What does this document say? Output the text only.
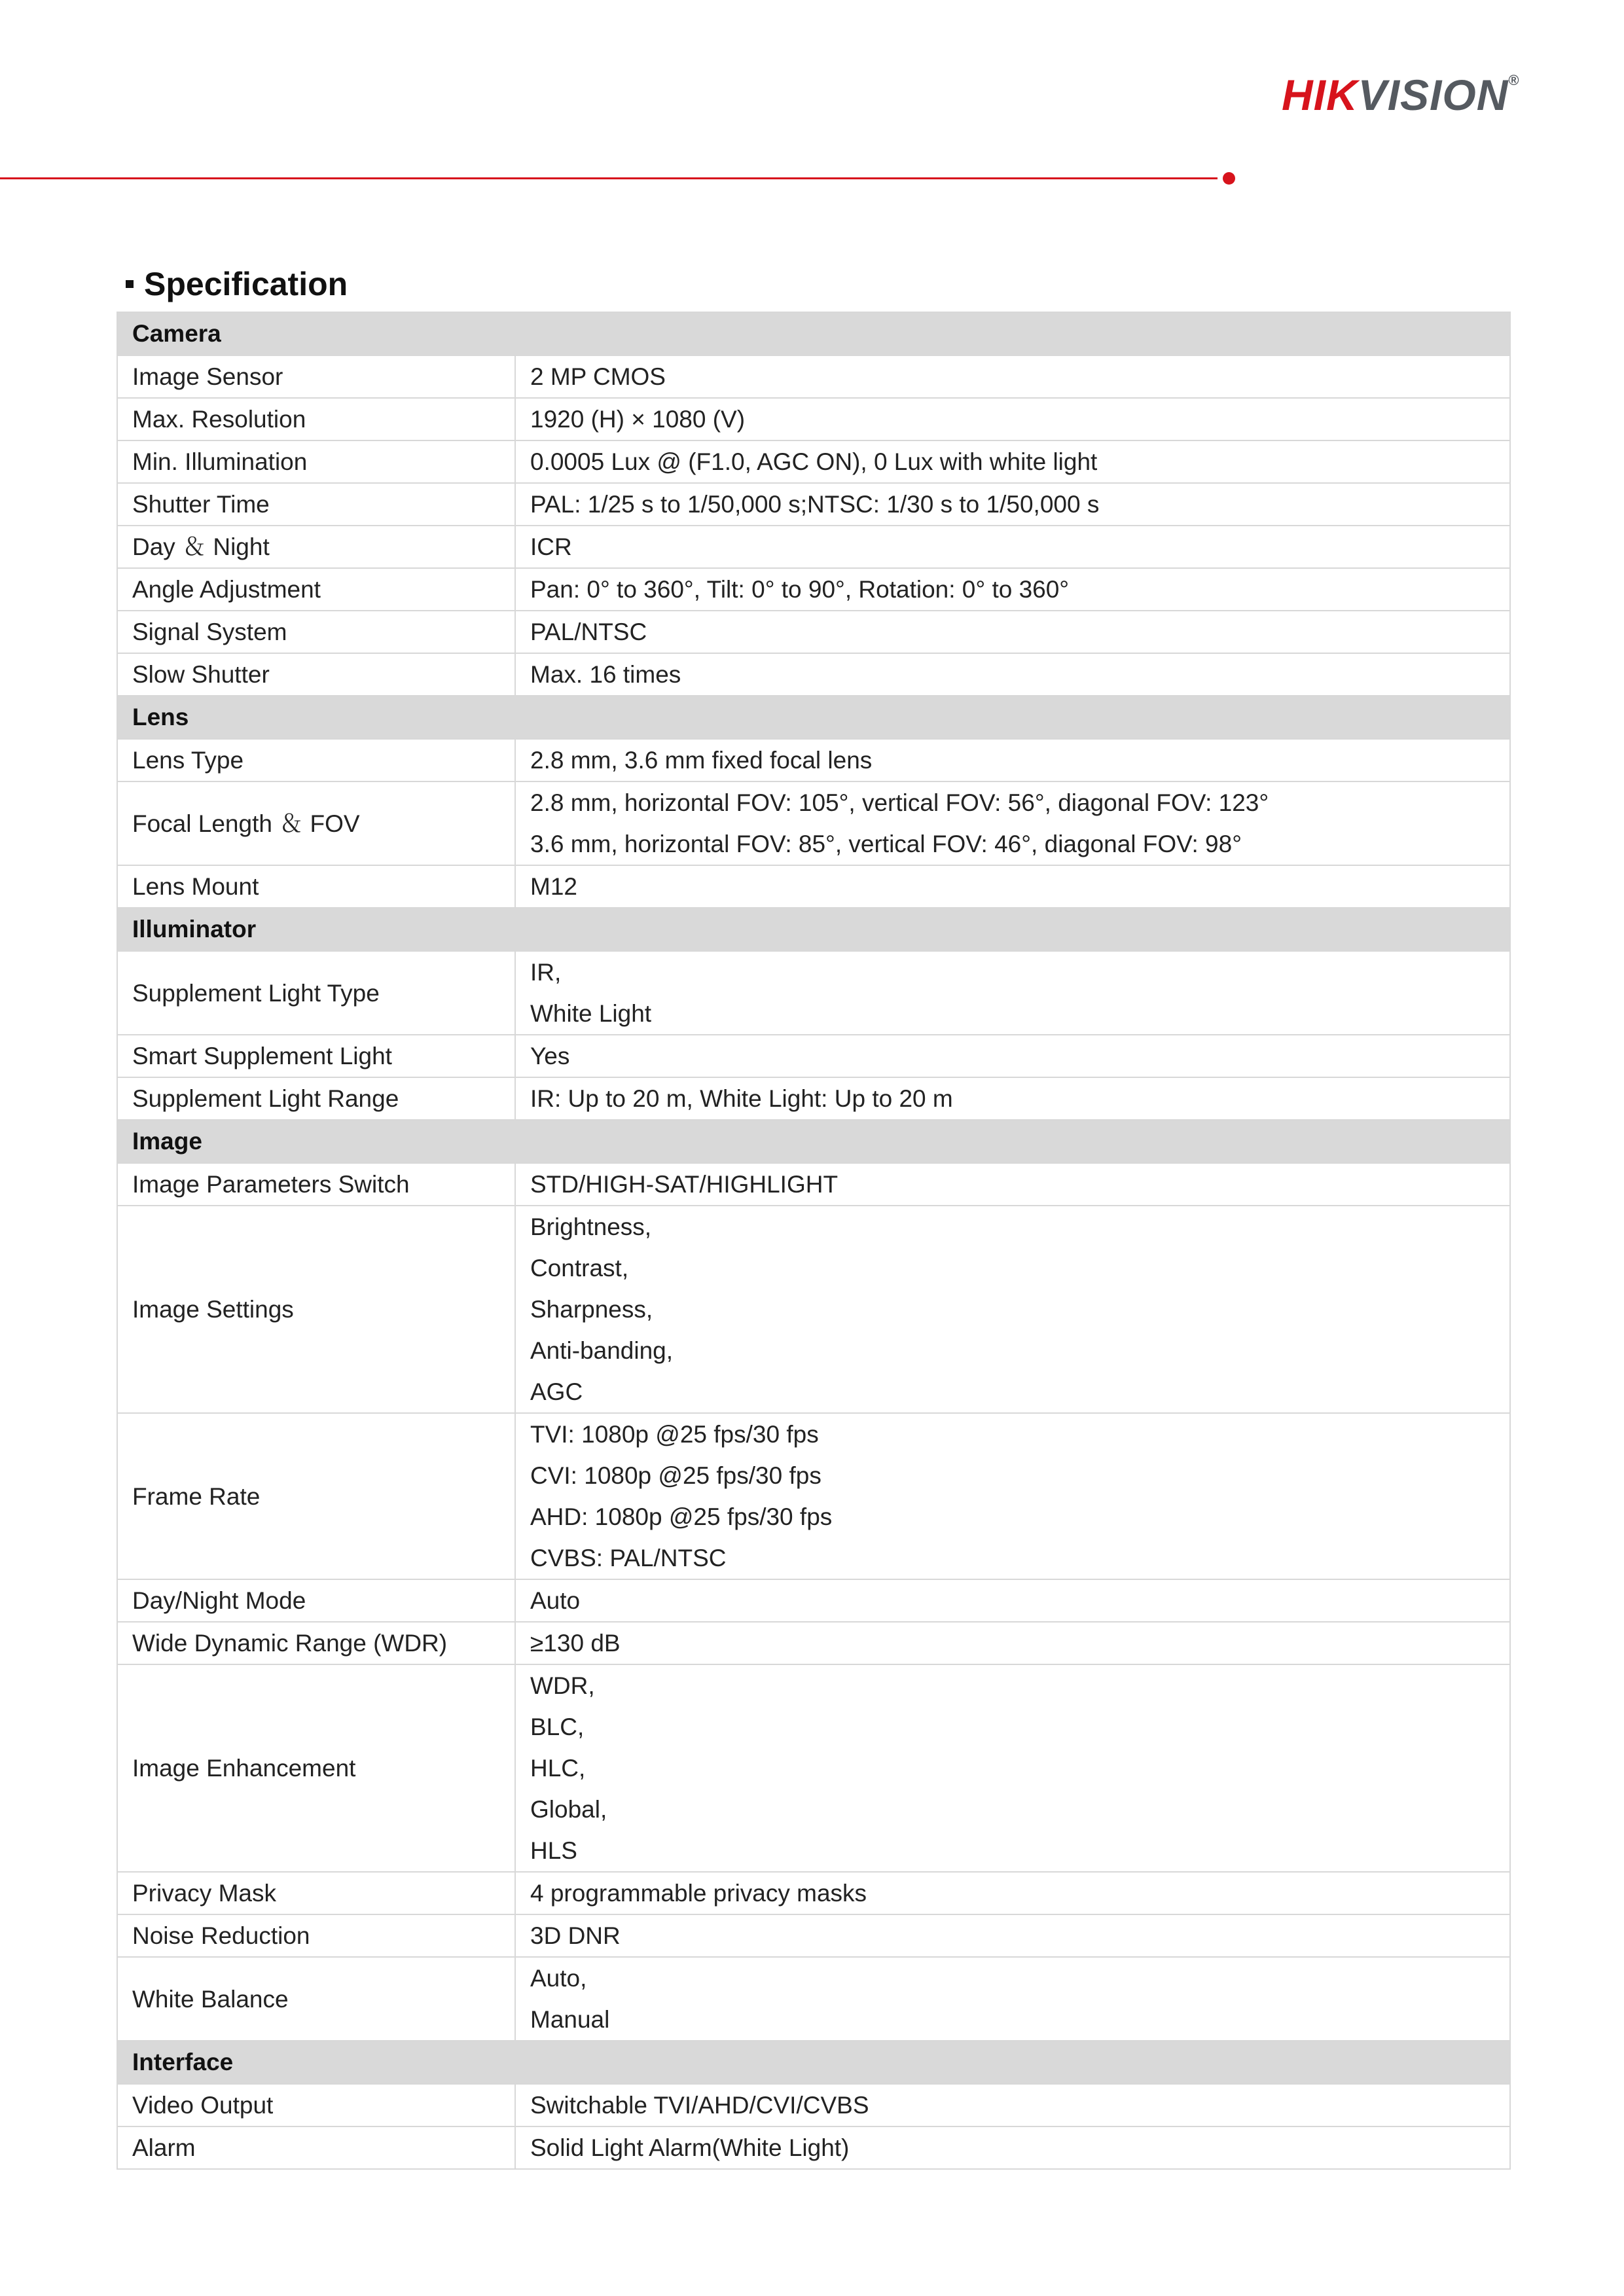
HIKVISION®
Specification
Camera	
Image Sensor	2 MP CMOS

Max. Resolution	1920 (H) × 1080 (V)

Min. Illumination	0.0005 Lux @ (F1.0, AGC ON), 0 Lux with white light

Shutter Time	PAL: 1/25 s to 1/50,000 s;NTSC: 1/30 s to 1/50,000 s

Day ＆ Night	ICR

Angle Adjustment	Pan: 0° to 360°, Tilt: 0° to 90°, Rotation: 0° to 360°

Signal System	PAL/NTSC

Slow Shutter	Max. 16 times

Lens	
Lens Type	2.8 mm, 3.6 mm fixed focal lens

Focal Length ＆ FOV	2.8 mm, horizontal FOV: 105°, vertical FOV: 56°, diagonal FOV: 123°
3.6 mm, horizontal FOV: 85°, vertical FOV: 46°, diagonal FOV: 98°

Lens Mount	M12

Illuminator	
Supplement Light Type	IR,
White Light

Smart Supplement Light	Yes

Supplement Light Range	IR: Up to 20 m, White Light: Up to 20 m

Image	
Image Parameters Switch	STD/HIGH-SAT/HIGHLIGHT

Image Settings	Brightness,
Contrast,
Sharpness,
Anti-banding,
AGC

Frame Rate	TVI: 1080p @25 fps/30 fps
CVI: 1080p @25 fps/30 fps
AHD: 1080p @25 fps/30 fps
CVBS: PAL/NTSC

Day/Night Mode	Auto

Wide Dynamic Range (WDR)	≥130 dB

Image Enhancement	WDR,
BLC,
HLC,
Global,
HLS

Privacy Mask	4 programmable privacy masks

Noise Reduction	3D DNR

White Balance	Auto,
Manual

Interface	
Video Output	Switchable TVI/AHD/CVI/CVBS

Alarm	Solid Light Alarm(White Light)
